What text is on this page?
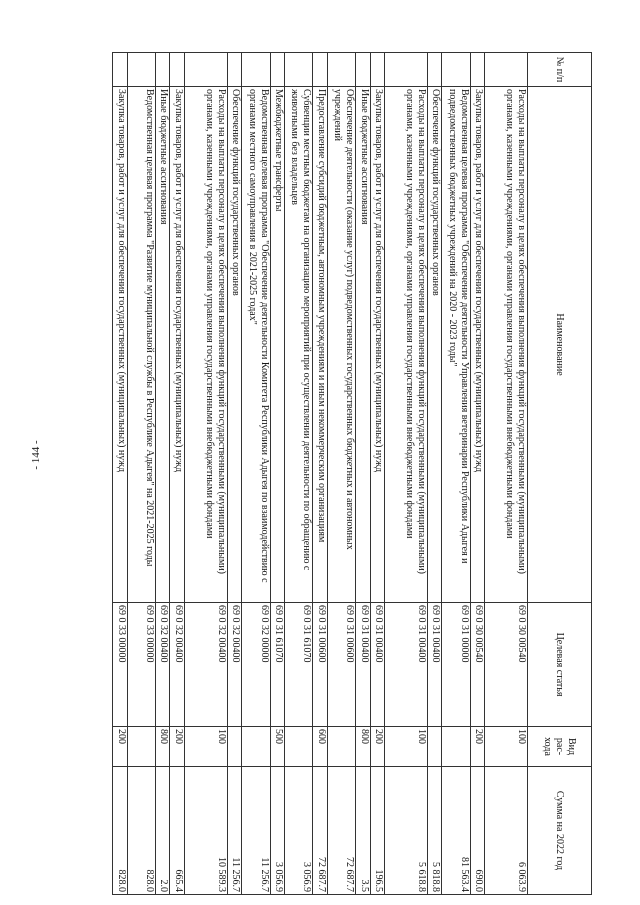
- 144 -
№ п/п	Наименование	Целевая статья	Вид рас-хода	Сумма на 2022 год
	Расходы на выплаты персоналу в целях обеспечения выполнения функций государственными (муниципальными) органами, казенными учреждениями, органами управления государственными внебюджетными фондами	69 0 30 00540	100	6 063.9
	Закупка товаров, работ и услуг для обеспечения государственных (муниципальных) нужд	69 0 30 00540	200	690.0
	Ведомственная целевая программа "Обеспечение деятельности Управления ветеринарии Республики Адыгея и подведомственных бюджетных учреждений на 2020 - 2023 годы"	69 0 31 00000		81 563.4
	Обеспечение функций государственных органов	69 0 31 00400		5 818.8
	Расходы на выплаты персоналу в целях обеспечения выполнения функций государственными (муниципальными) органами, казенными учреждениями, органами управления государственными внебюджетными фондами	69 0 31 00400	100	5 618.8
	Закупка товаров, работ и услуг для обеспечения государственных (муниципальных) нужд	69 0 31 00400	200	196.5
	Иные бюджетные ассигнования	69 0 31 00400	800	3.5
	Обеспечение деятельности (оказание услуг) подведомственных государственных бюджетных и автономных учреждений	69 0 31 00600		72 687.7
	Предоставление субсидий бюджетным, автономным учреждениям и иным некоммерческим организациям	69 0 31 00600	600	72 687.7
	Субвенции местным бюджетам на организацию мероприятий при осуществлении деятельности по обращению с животными без владельцев	69 0 31 61070		3 056.9
	Межбюджетные трансферты	69 0 31 61070	500	3 056.9
	Ведомственная целевая программа "Обеспечение деятельности Комитета Республики Адыгея по взаимодействию с органами местного самоуправления в 2021-2025 годах"	69 0 32 00000		11 256.7
	Обеспечение функций государственных органов	69 0 32 00400		11 256.7
	Расходы на выплаты персоналу в целях обеспечения выполнения функций государственными (муниципальными) органами, казенными учреждениями, органами управления государственными внебюджетными фондами	69 0 32 00400	100	10 589.3
	Закупка товаров, работ и услуг для обеспечения государственных (муниципальных) нужд	69 0 32 00400	200	665.4
	Иные бюджетные ассигнования	69 0 32 00400	800	2.0
	Ведомственная целевая программа "Развитие муниципальной службы в Республике Адыгея" на 2021-2025 годы	69 0 33 00000		828.0
	Закупка товаров, работ и услуг для обеспечения государственных (муниципальных) нужд	69 0 33 00000	200	828.0
